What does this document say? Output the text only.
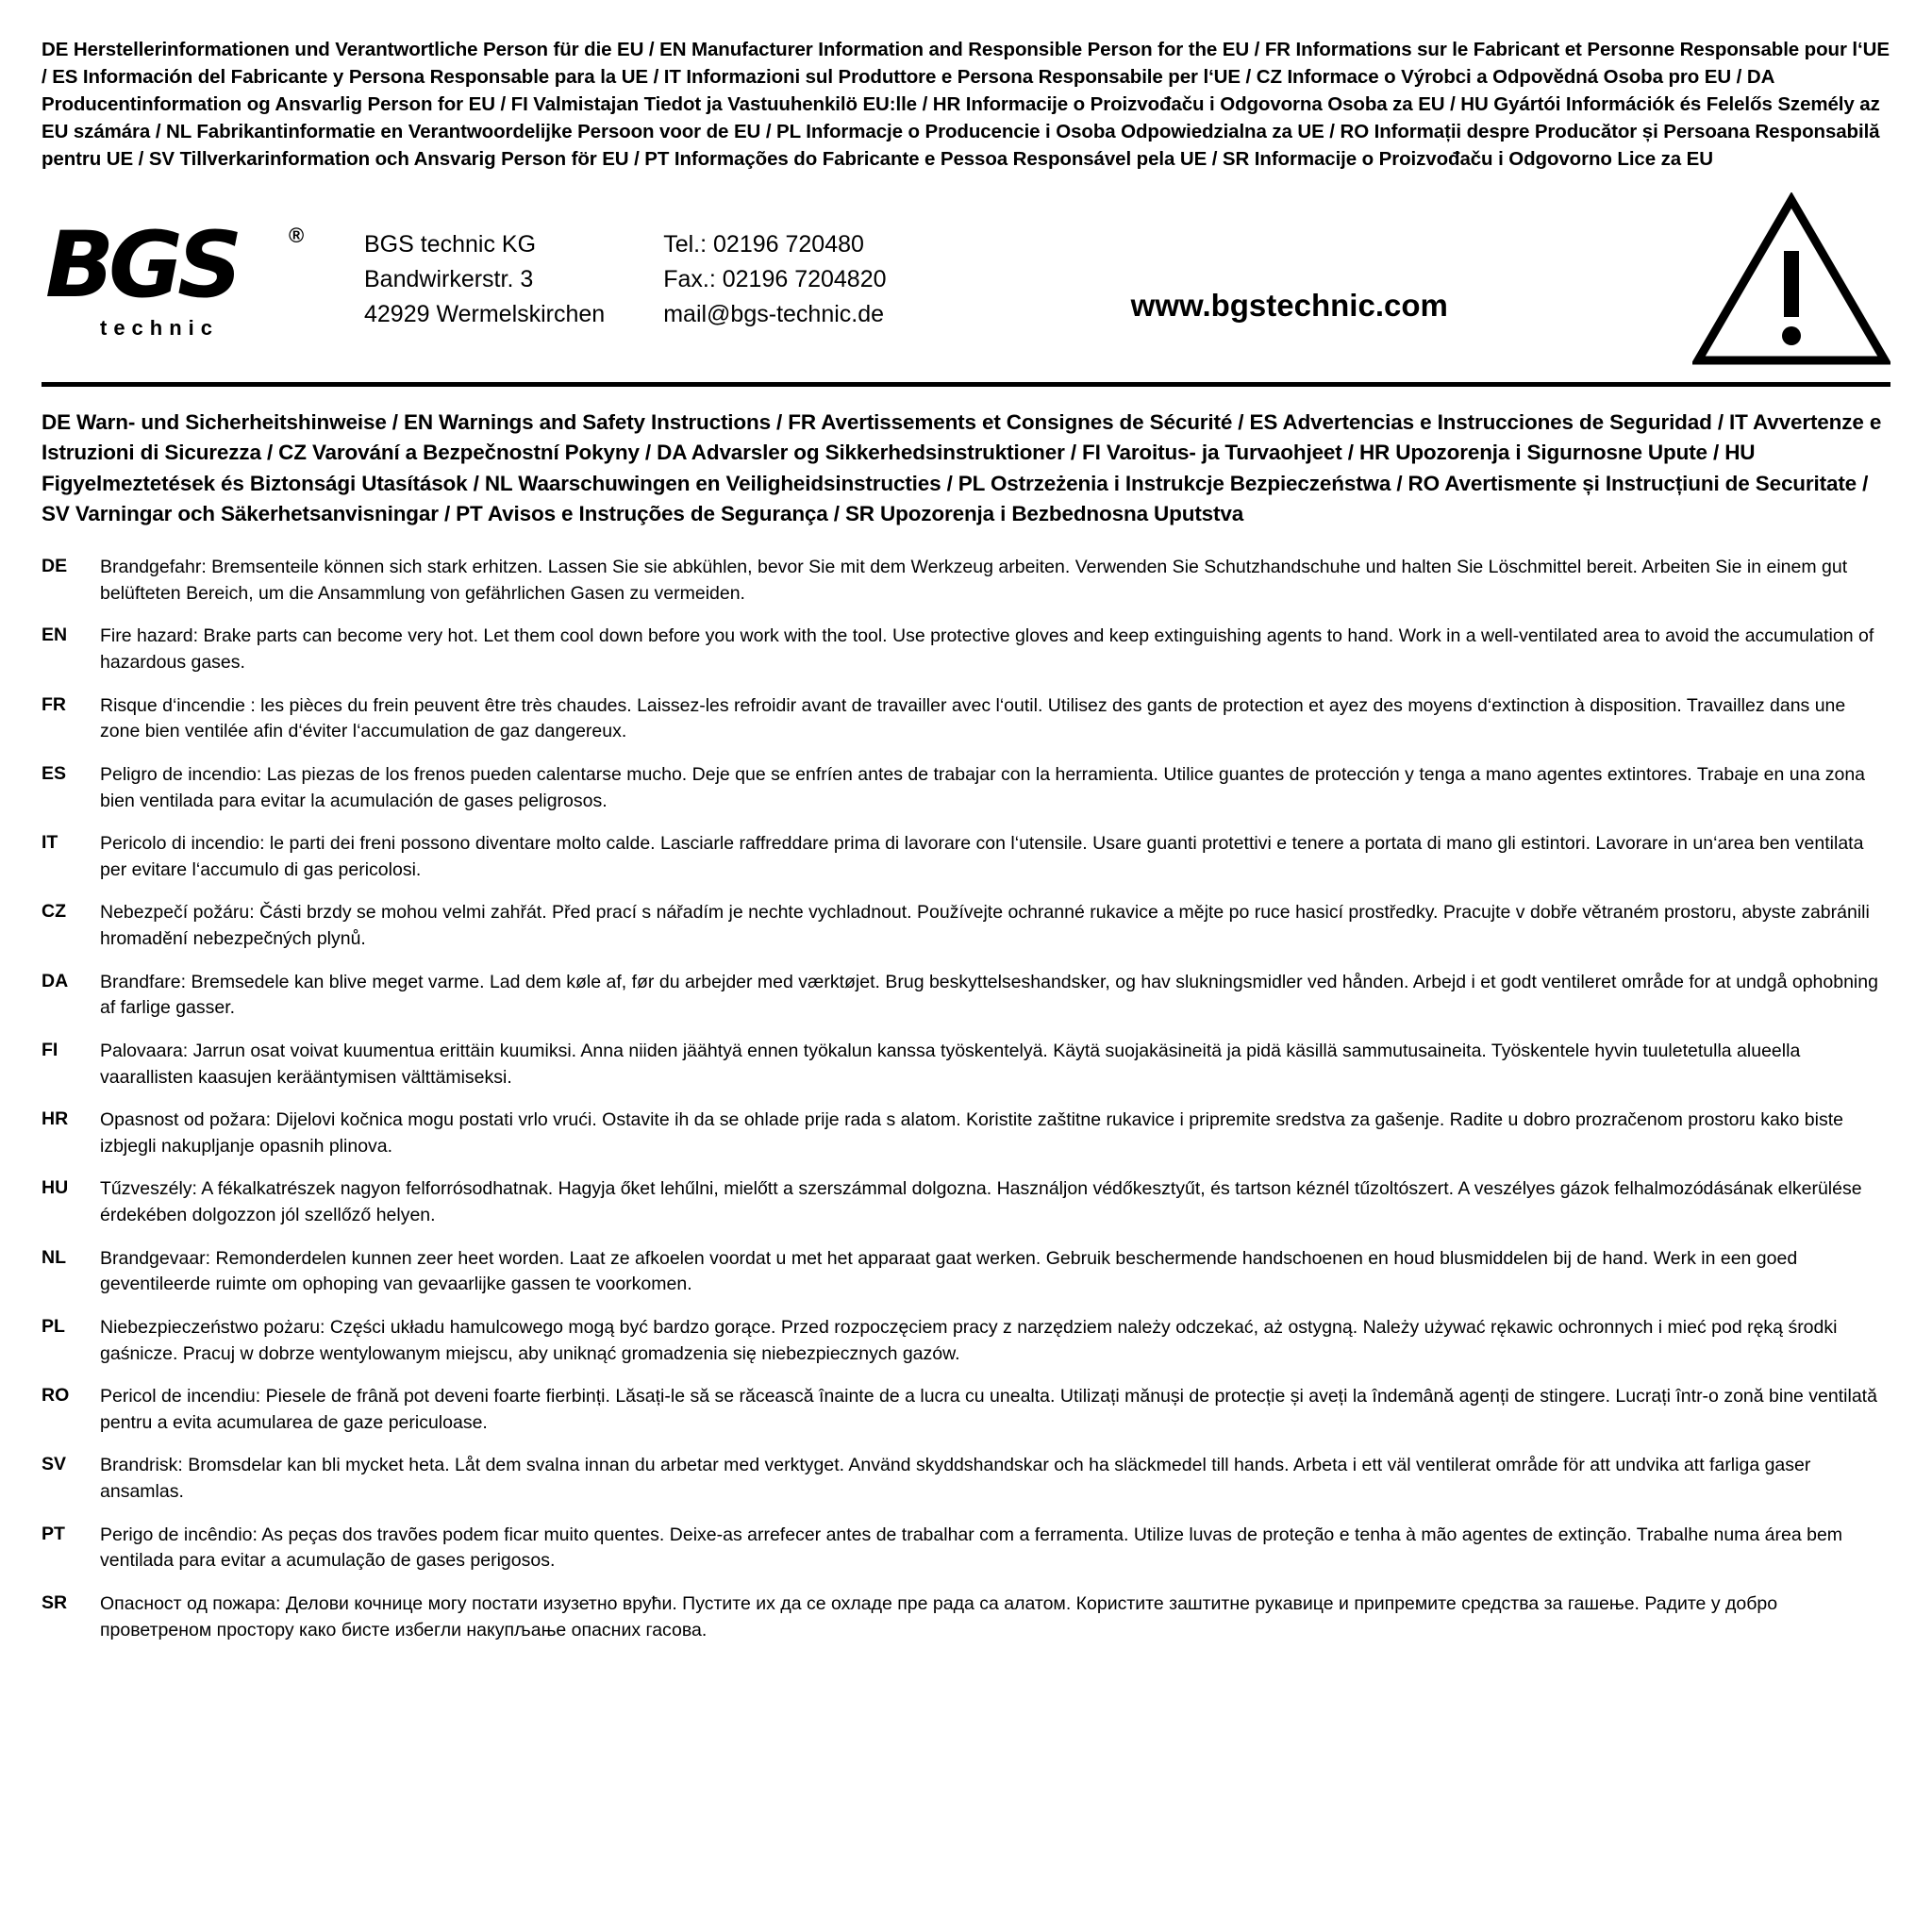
DE Herstellerinformationen und Verantwortliche Person für die EU / EN Manufacturer Information and Responsible Person for the EU / FR Informations sur le Fabricant et Personne Responsable pour l‘UE / ES Información del Fabricante y Persona Responsable para la UE / IT Informazioni sul Produttore e Persona Responsabile per l‘UE / CZ Informace o Výrobci a Odpovědná Osoba pro EU / DA Producentinformation og Ansvarlig Person for EU / FI Valmistajan Tiedot ja Vastuuhenkilö EU:lle / HR Informacije o Proizvođaču i Odgovorna Osoba za EU / HU Gyártói Információk és Felelős Személy az EU számára / NL Fabrikantinformatie en Verantwoordelijke Persoon voor de EU / PL Informacje o Producencie i Osoba Odpowiedzialna za UE / RO Informații despre Producător și Persoana Responsabilă pentru UE / SV Tillverkarinformation och Ansvarig Person för EU / PT Informações do Fabricante e Pessoa Responsável pela UE / SR Informacije o Proizvođaču i Odgovorno Lice za EU
BGS ®
technic
BGS technic KG
Bandwirkerstr. 3
42929 Wermelskirchen
Tel.: 02196 720480
Fax.: 02196 7204820
mail@bgs-technic.de	www.bgstechnic.com
DE Warn- und Sicherheitshinweise / EN Warnings and Safety Instructions / FR Avertissements et Consignes de Sécurité / ES Advertencias e Instrucciones de Seguridad / IT Avvertenze e Istruzioni di Sicurezza / CZ Varování a Bezpečnostní Pokyny / DA Advarsler og Sikkerhedsinstruktioner / FI Varoitus- ja Turvaohjeet / HR Upozorenja i Sigurnosne Upute / HU Figyelmeztetések és Biztonsági Utasítások / NL Waarschuwingen en Veiligheidsinstructies / PL Ostrzeżenia i Instrukcje Bezpieczeństwa / RO Avertismente și Instrucțiuni de Securitate / SV Varningar och Säkerhetsanvisningar / PT Avisos e Instruções de Segurança / SR Upozorenja i Bezbednosna Uputstva
DE	Brandgefahr: Bremsenteile können sich stark erhitzen. Lassen Sie sie abkühlen, bevor Sie mit dem Werkzeug arbeiten. Verwenden Sie Schutzhandschuhe und halten Sie Löschmittel bereit. Arbeiten Sie in einem gut belüfteten Bereich, um die Ansammlung von gefährlichen Gasen zu vermeiden.
EN	Fire hazard: Brake parts can become very hot. Let them cool down before you work with the tool. Use protective gloves and keep extinguishing agents to hand. Work in a well-ventilated area to avoid the accumulation of hazardous gases.
FR	Risque d‘incendie : les pièces du frein peuvent être très chaudes. Laissez-les refroidir avant de travailler avec l‘outil. Utilisez des gants de protection et ayez des moyens d‘extinction à disposition. Travaillez dans une zone bien ventilée afin d‘éviter l‘accumulation de gaz dangereux.
ES	Peligro de incendio: Las piezas de los frenos pueden calentarse mucho. Deje que se enfríen antes de trabajar con la herramienta. Utilice guantes de protección y tenga a mano agentes extintores. Trabaje en una zona bien ventilada para evitar la acumulación de gases peligrosos.
IT	Pericolo di incendio: le parti dei freni possono diventare molto calde. Lasciarle raffreddare prima di lavorare con l‘utensile. Usare guanti protettivi e tenere a portata di mano gli estintori. Lavorare in un‘area ben ventilata per evitare l‘accumulo di gas pericolosi.
CZ	Nebezpečí požáru: Části brzdy se mohou velmi zahřát. Před prací s nářadím je nechte vychladnout. Používejte ochranné rukavice a mějte po ruce hasicí prostředky. Pracujte v dobře větraném prostoru, abyste zabránili hromadění nebezpečných plynů.
DA	Brandfare: Bremsedele kan blive meget varme. Lad dem køle af, før du arbejder med værktøjet. Brug beskyttelseshandsker, og hav slukningsmidler ved hånden. Arbejd i et godt ventileret område for at undgå ophobning af farlige gasser.
FI	Palovaara: Jarrun osat voivat kuumentua erittäin kuumiksi. Anna niiden jäähtyä ennen työkalun kanssa työskentelyä. Käytä suojakäsineitä ja pidä käsillä sammutusaineita. Työskentele hyvin tuuletetulla alueella vaarallisten kaasujen kerääntymisen välttämiseksi.
HR	Opasnost od požara: Dijelovi kočnica mogu postati vrlo vrući. Ostavite ih da se ohlade prije rada s alatom. Koristite zaštitne rukavice i pripremite sredstva za gašenje. Radite u dobro prozračenom prostoru kako biste izbjegli nakupljanje opasnih plinova.
HU	Tűzveszély: A fékalkatrészek nagyon felforrósodhatnak. Hagyja őket lehűlni, mielőtt a szerszámmal dolgozna. Használjon védőkesztyűt, és tartson kéznél tűzoltószert. A veszélyes gázok felhalmozódásának elkerülése érdekében dolgozzon jól szellőző helyen.
NL	Brandgevaar: Remonderdelen kunnen zeer heet worden. Laat ze afkoelen voordat u met het apparaat gaat werken. Gebruik beschermende handschoenen en houd blusmiddelen bij de hand. Werk in een goed geventileerde ruimte om ophoping van gevaarlijke gassen te voorkomen.
PL	Niebezpieczeństwo pożaru: Części układu hamulcowego mogą być bardzo gorące. Przed rozpoczęciem pracy z narzędziem należy odczekać, aż ostygną. Należy używać rękawic ochronnych i mieć pod ręką środki gaśnicze. Pracuj w dobrze wentylowanym miejscu, aby uniknąć gromadzenia się niebezpiecznych gazów.
RO	Pericol de incendiu: Piesele de frână pot deveni foarte fierbinți. Lăsați-le să se răcească înainte de a lucra cu unealta. Utilizați mănuși de protecție și aveți la îndemână agenți de stingere. Lucrați într-o zonă bine ventilată pentru a evita acumularea de gaze periculoase.
SV	Brandrisk: Bromsdelar kan bli mycket heta. Låt dem svalna innan du arbetar med verktyget. Använd skyddshandskar och ha släckmedel till hands. Arbeta i ett väl ventilerat område för att undvika att farliga gaser ansamlas.
PT	Perigo de incêndio: As peças dos travões podem ficar muito quentes. Deixe-as arrefecer antes de trabalhar com a ferramenta. Utilize luvas de proteção e tenha à mão agentes de extinção. Trabalhe numa área bem ventilada para evitar a acumulação de gases perigosos.
SR	Опасност од пожара: Делови кочнице могу постати изузетно врући. Пустите их да се охладе пре рада са алатом. Користите заштитне рукавице и припремите средства за гашење. Радите у добро проветреном простору како бисте избегли накупљање опасних гасова.
